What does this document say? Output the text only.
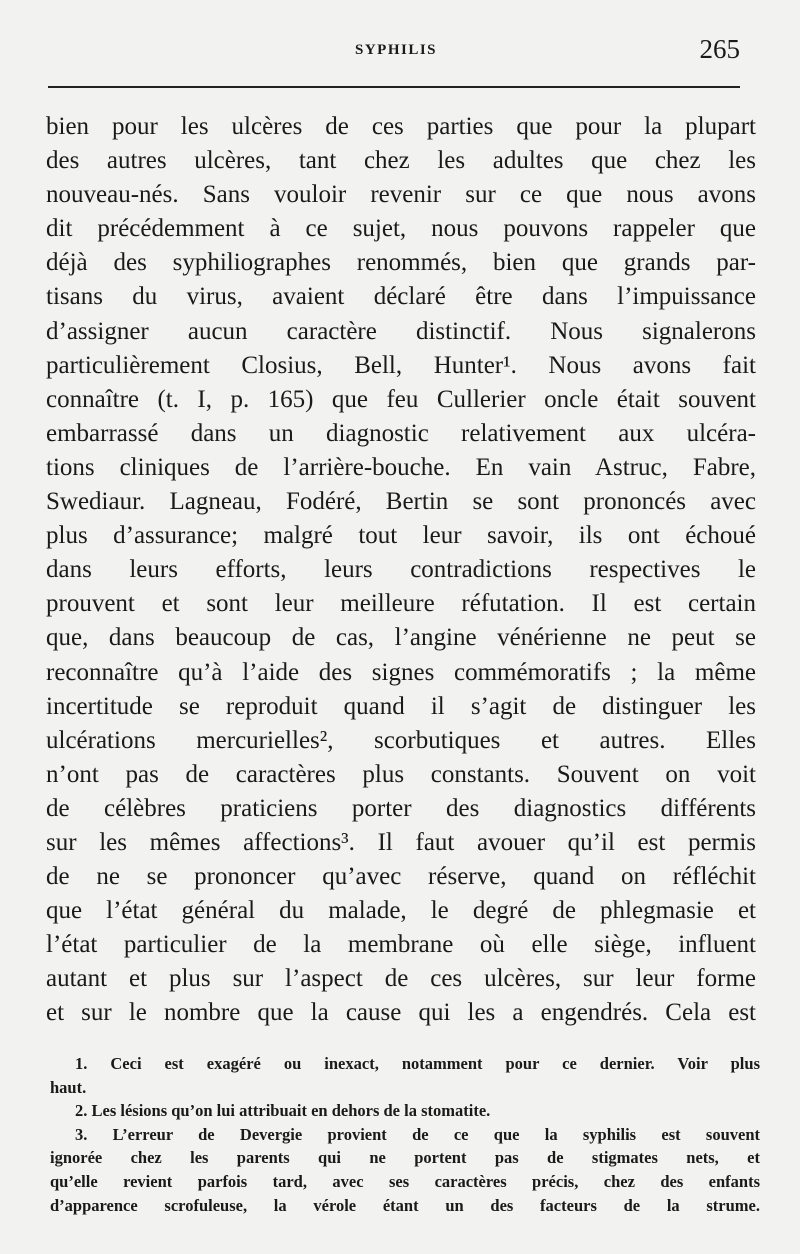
SYPHILIS	265
bien pour les ulcères de ces parties que pour la plupart
des autres ulcères, tant chez les adultes que chez les
nouveau-nés. Sans vouloir revenir sur ce que nous avons
dit précédemment à ce sujet, nous pouvons rappeler que
déjà des syphiliographes renommés, bien que grands par-
tisans du virus, avaient déclaré être dans l’impuissance
d’assigner aucun caractère distinctif. Nous signalerons
particulièrement Closius, Bell, Hunter¹. Nous avons fait
connaître (t. I, p. 165) que feu Cullerier oncle était souvent
embarrassé dans un diagnostic relativement aux ulcéra-
tions cliniques de l’arrière-bouche. En vain Astruc, Fabre,
Swediaur. Lagneau, Fodéré, Bertin se sont prononcés avec
plus d’assurance; malgré tout leur savoir, ils ont échoué
dans leurs efforts, leurs contradictions respectives le
prouvent et sont leur meilleure réfutation. Il est certain
que, dans beaucoup de cas, l’angine vénérienne ne peut se
reconnaître qu’à l’aide des signes commémoratifs ; la même
incertitude se reproduit quand il s’agit de distinguer les
ulcérations mercurielles², scorbutiques et autres. Elles
n’ont pas de caractères plus constants. Souvent on voit
de célèbres praticiens porter des diagnostics différents
sur les mêmes affections³. Il faut avouer qu’il est permis
de ne se prononcer qu’avec réserve, quand on réfléchit
que l’état général du malade, le degré de phlegmasie et
l’état particulier de la membrane où elle siège, influent
autant et plus sur l’aspect de ces ulcères, sur leur forme
et sur le nombre que la cause qui les a engendrés. Cela est
1. Ceci est exagéré ou inexact, notamment pour ce dernier. Voir plus
haut.
2. Les lésions qu’on lui attribuait en dehors de la stomatite.
3. L’erreur de Devergie provient de ce que la syphilis est souvent
ignorée chez les parents qui ne portent pas de stigmates nets, et
qu’elle revient parfois tard, avec ses caractères précis, chez des enfants
d’apparence scrofuleuse, la vérole étant un des facteurs de la strume.
